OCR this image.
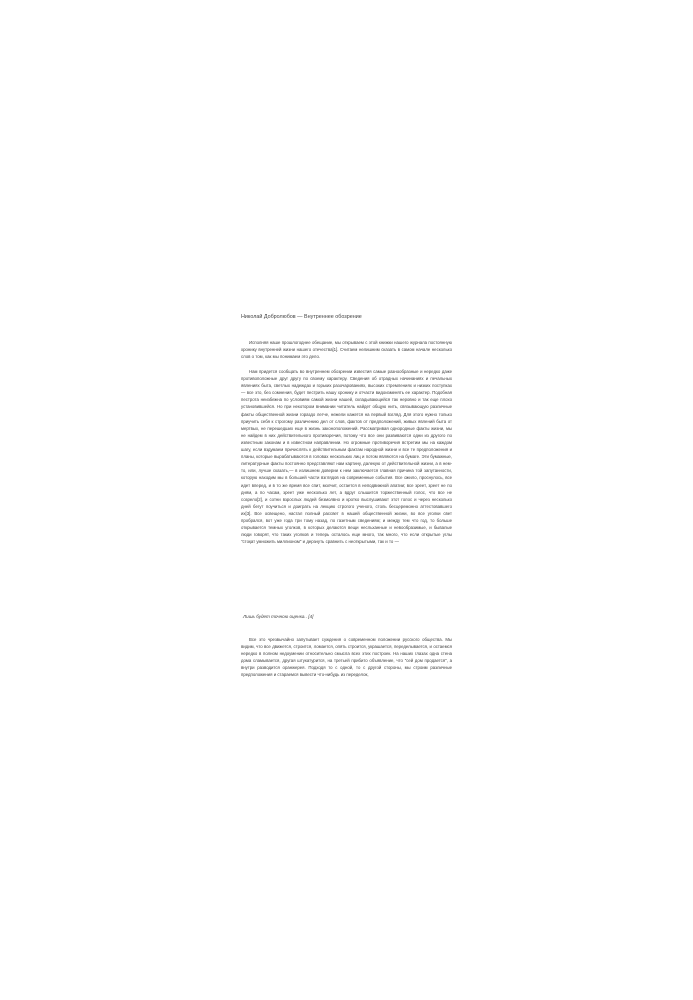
Николай Добролюбов — Внутреннее обозрение

Исполняя наше прошлогоднее обещание, мы открываем с этой книжки нашего журнала постоянную хронику внутренней жизни нашего отечества[1]. Считаем нелишним сказать в самом начале несколько слов о том, как мы понимаем это дело.

Нам придется сообщать во внутреннем обозрении известия самые разнообразные и нередко даже противоположные друг другу по своему характеру. Сведения об отрадных начинаниях и печальных явлениях быта, светлых надеждах и горьких разочарованиях, высоких стремлениях и низких поступках — все это, без сомнения, будет пестрить нашу хронику и отчасти видоизменять ее характер. Подобная пестрота неизбежна по условиям самой жизни нашей, складывающейся так неровно и так еще плохо установившейся. Но при некотором внимании читатель найдет общую нить, связывающую различные факты общественной жизни гораздо легче, нежели кажется на первый взгляд. Для этого нужно только приучить себя к строгому различению дел от слов, фактов от предположений, живых явлений быта от мертвых, не перешедших еще в жизнь законоположений. Рассматривая однородные факты жизни, мы не найдем в них действительного противоречия, потому что все они развиваются одни из другого по известным законам и в известном направлении. Но огромные противоречия встретим мы на каждом шагу, если вздумаем причислять к действительным фактам народной жизни и все те предположения и планы, которые вырабатываются в головах нескольких лиц и потом являются на бумаге. Эти бумажные, литературные факты постоянно представляют нам картину, далекую от действительной жизни, а в нем-то, или, лучше сказать,— в излишнем доверии к нем заключается главная причина той запутанности, которую находим мы в большей части взглядов на современные события. Все ожило, проснулось, все идет вперед, и в то же время все спит, молчит, остается в неподвижной апатии; все зреет, зреет не по дням, а по часам, зреет уже несколько лет, а вдруг слышится торжественный голос, что все не созрело[2], и сотни взрослых людей безмолвно и кротко выслушивают этот голос и через несколько дней бегут поучиться и доиграть на лекцию строгого ученого, столь бесцеремонно аттестовавшего их[3]. Все освещено, настал полный рассвет в нашей общественной жизни, во все уголки свет пробрался, вот уже года три тому назад, по газетным сведениям; и между тем что год, то больше открывается темных уголков, в которых делаются вещи несльханные и невообразимые, и бывалые люди говорят, что таких уголков и теперь осталось еще много, так много, что если открытые углы "стоқат умножить миллионом" и дерзнуть сравнить с неоткрытыми, так и то —

Лишь будет точною оценка.. [4]

Все это чрезвычайно запутывает суждения о современном положении русского общества. Мы видим, что все движется, строится, ломается, опять строится, украшается, переделывается, и остаемся нередко в полном недоумении относительно смысла всех этих построек. На наших глазах одна стена дома сламывается, другая штукатурится, на третьей прибито объявление, что "сей дом продается", а внутри разводится оранжерея. Подходя то с одной, то с другой стороны, мы строим различные предположения и стараемся вывести что-нибудь из переделок,
